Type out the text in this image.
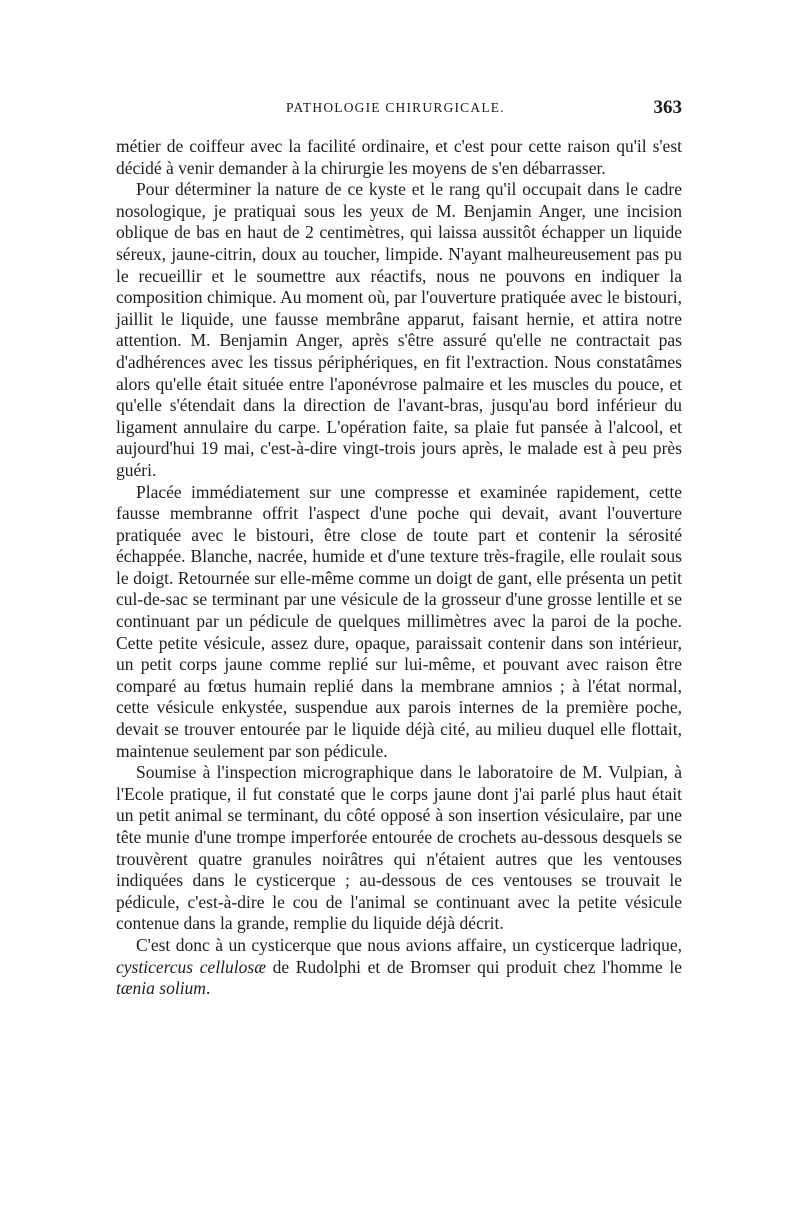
PATHOLOGIE CHIRURGICALE.	363

métier de coiffeur avec la facilité ordinaire, et c'est pour cette raison qu'il s'est décidé à venir demander à la chirurgie les moyens de s'en débarrasser.

Pour déterminer la nature de ce kyste et le rang qu'il occupait dans le cadre nosologique, je pratiquai sous les yeux de M. Benjamin Anger, une incision oblique de bas en haut de 2 centimètres, qui laissa aussitôt échapper un liquide séreux, jaune-citrin, doux au toucher, limpide. N'ayant malheureusement pas pu le recueillir et le soumettre aux réactifs, nous ne pouvons en indiquer la composition chimique. Au moment où, par l'ouverture pratiquée avec le bistouri, jaillit le liquide, une fausse membrâne apparut, faisant hernie, et attira notre attention. M. Benjamin Anger, après s'être assuré qu'elle ne contractait pas d'adhérences avec les tissus périphériques, en fit l'extraction. Nous constatâmes alors qu'elle était située entre l'aponévrose palmaire et les muscles du pouce, et qu'elle s'étendait dans la direction de l'avant-bras, jusqu'au bord inférieur du ligament annulaire du carpe. L'opération faite, sa plaie fut pansée à l'alcool, et aujourd'hui 19 mai, c'est-à-dire vingt-trois jours après, le malade est à peu près guéri.

Placée immédiatement sur une compresse et examinée rapidement, cette fausse membranne offrit l'aspect d'une poche qui devait, avant l'ouverture pratiquée avec le bistouri, être close de toute part et contenir la sérosité échappée. Blanche, nacrée, humide et d'une texture très-fragile, elle roulait sous le doigt. Retournée sur elle-même comme un doigt de gant, elle présenta un petit cul-de-sac se terminant par une vésicule de la grosseur d'une grosse lentille et se continuant par un pédicule de quelques millimètres avec la paroi de la poche. Cette petite vésicule, assez dure, opaque, paraissait contenir dans son intérieur, un petit corps jaune comme replié sur lui-même, et pouvant avec raison être comparé au fœtus humain replié dans la membrane amnios ; à l'état normal, cette vésicule enkystée, suspendue aux parois internes de la première poche, devait se trouver entourée par le liquide déjà cité, au milieu duquel elle flottait, maintenue seulement par son pédicule.

Soumise à l'inspection micrographique dans le laboratoire de M. Vulpian, à l'Ecole pratique, il fut constaté que le corps jaune dont j'ai parlé plus haut était un petit animal se terminant, du côté opposé à son insertion vésiculaire, par une tête munie d'une trompe imperforée entourée de crochets au-dessous desquels se trouvèrent quatre granules noirâtres qui n'étaient autres que les ventouses indiquées dans le cysticerque ; au-dessous de ces ventouses se trouvait le pédicule, c'est-à-dire le cou de l'animal se continuant avec la petite vésicule contenue dans la grande, remplie du liquide déjà décrit.

C'est donc à un cysticerque que nous avions affaire, un cysticerque ladrique, cysticercus cellulosæ de Rudolphi et de Bromser qui produit chez l'homme le tænia solium.
